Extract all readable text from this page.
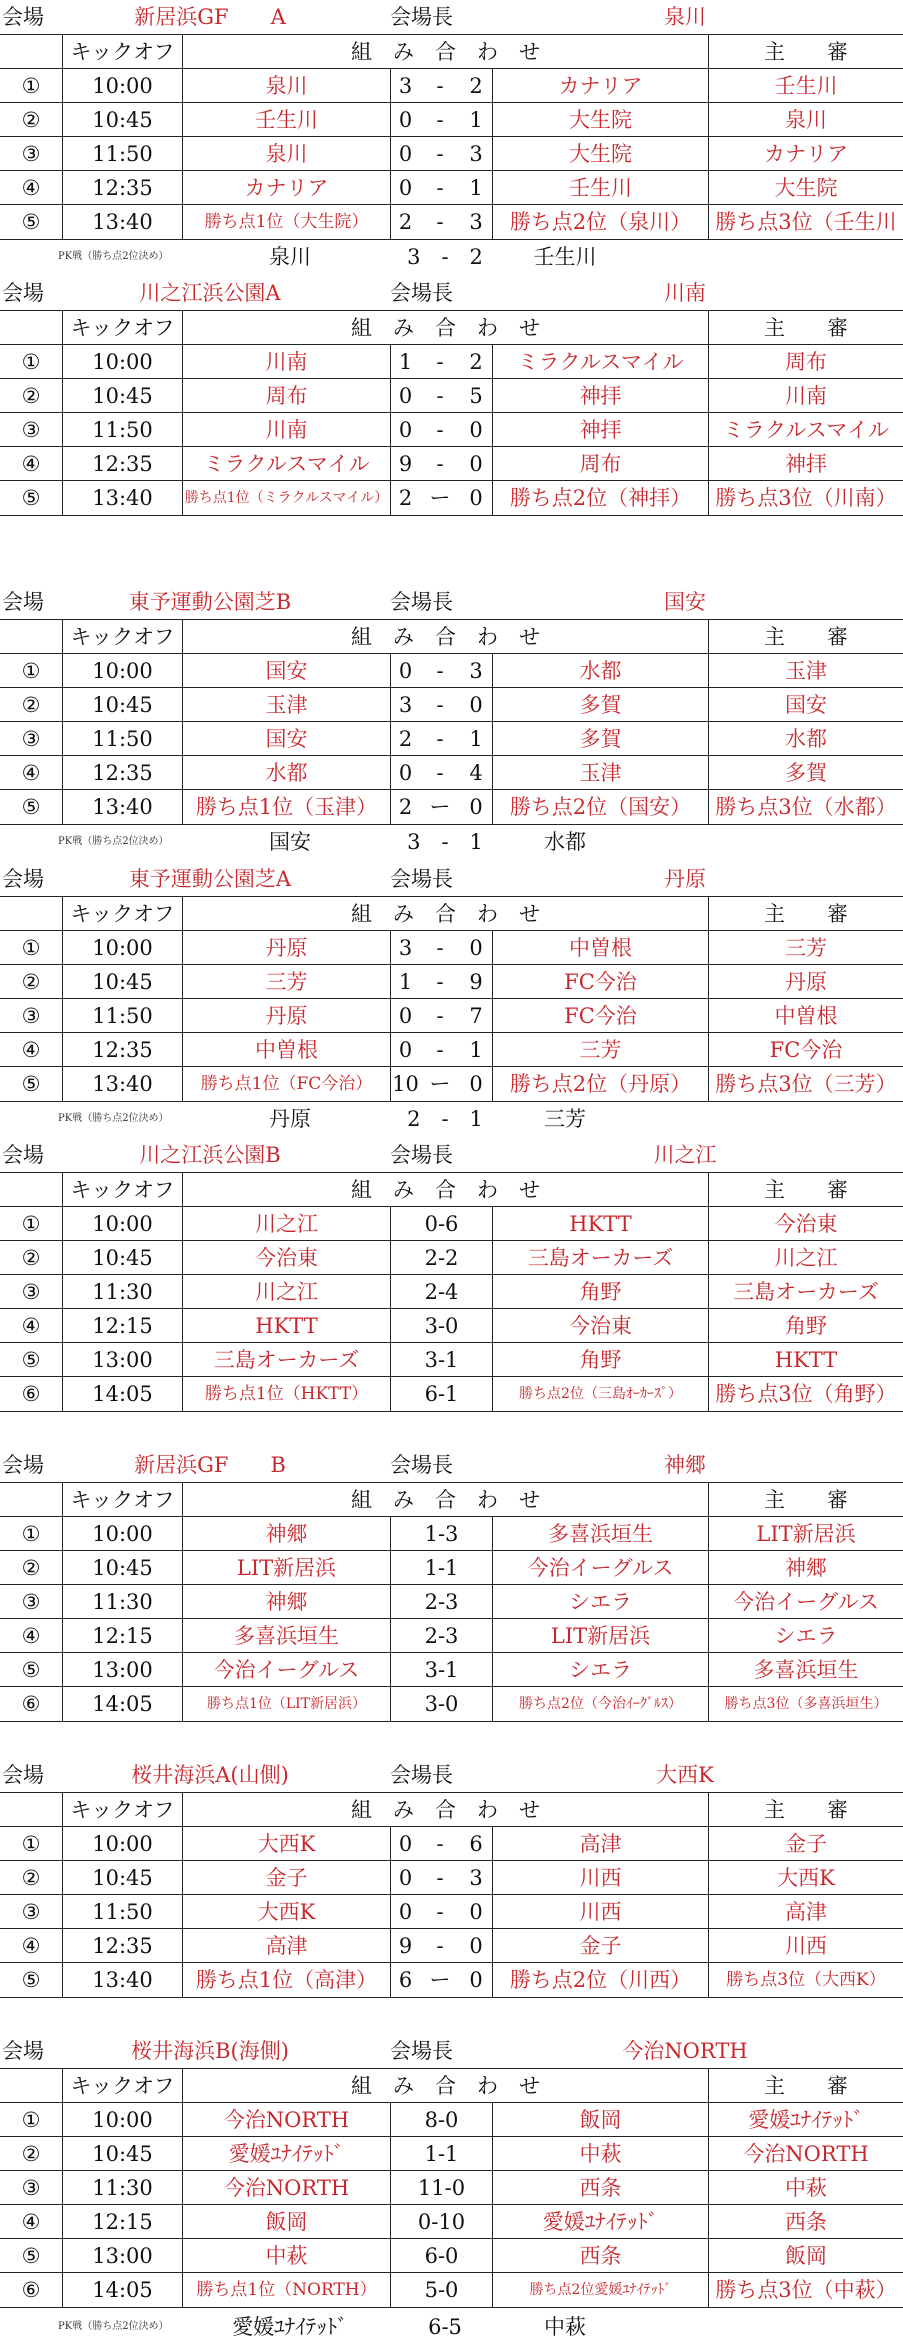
会場	新居浜GF　　A	会場長	泉川
キックオフ	組　み　合　わ　せ	主　　審
①	10:00	泉川	3	-	2	カナリア	壬生川
②	10:45	壬生川	0	-	1	大生院	泉川
③	11:50	泉川	0	-	3	大生院	カナリア
④	12:35	カナリア	0	-	1	壬生川	大生院
⑤	13:40	勝ち点1位（大生院）	2	-	3	勝ち点2位（泉川）	勝ち点3位（壬生川
PK戦（勝ち点2位決め）	泉川	3　-　2	壬生川
会場	川之江浜公園A	会場長	川南
キックオフ	組　み　合　わ　せ	主　　審
①	10:00	川南	1	-	2	ミラクルスマイル	周布
②	10:45	周布	0	-	5	神拝	川南
③	11:50	川南	0	-	0	神拝	ミラクルスマイル
④	12:35	ミラクルスマイル	9	-	0	周布	神拝
⑤	13:40	勝ち点1位（ミラクルスマイル） 2 ー 0	勝ち点2位（神拝）	勝ち点3位（川南）
会場	東予運動公園芝B	会場長	国安
キックオフ	組　み　合　わ　せ	主　　審
①	10:00	国安	0	-	3	水都	玉津
②	10:45	玉津	3	-	0	多賀	国安
③	11:50	国安	2	-	1	多賀	水都
④	12:35	水都	0	-	4	玉津	多賀
⑤	13:40	勝ち点1位（玉津）	2 ー 0	勝ち点2位（国安）	勝ち点3位（水都）
PK戦（勝ち点2位決め）	国安	3　-　1	水都
会場	東予運動公園芝A	会場長	丹原
キックオフ	組　み　合　わ　せ	主　　審
①	10:00	丹原	3	-	0	中曽根	三芳
②	10:45	三芳	1	-	9	FC今治	丹原
③	11:50	丹原	0	-	7	FC今治	中曽根
④	12:35	中曽根	0	-	1	三芳	FC今治
⑤	13:40	勝ち点1位（FC今治） 10 ー 0	勝ち点2位（丹原）	勝ち点3位（三芳）
PK戦（勝ち点2位決め）	丹原	2　-　1	三芳
会場	川之江浜公園B	会場長	川之江
キックオフ	組　み　合　わ　せ	主　　審
①	10:00	川之江	0-6	HKTT	今治東
②	10:45	今治東	2-2	三島オーカーズ	川之江
③	11:30	川之江	2-4	角野	三島オーカーズ
④	12:15	HKTT	3-0	今治東	角野
⑤	13:00	三島オーカーズ	3-1	角野	HKTT
⑥	14:05	勝ち点1位（HKTT）	6-1	勝ち点2位（三島ｵｰｶｰｽﾞ）	勝ち点3位（角野）
会場	新居浜GF　　B	会場長	神郷
キックオフ	組　み　合　わ　せ	主　　審
①	10:00	神郷	1-3	多喜浜垣生	LIT新居浜
②	10:45	LIT新居浜	1-1	今治イーグルス	神郷
③	11:30	神郷	2-3	シエラ	今治イーグルス
④	12:15	多喜浜垣生	2-3	LIT新居浜	シエラ
⑤	13:00	今治イーグルス	3-1	シエラ	多喜浜垣生
⑥	14:05	勝ち点1位（LIT新居浜）	3-0	勝ち点2位（今治ｲｰｸﾞﾙｽ）	勝ち点3位（多喜浜垣生）
会場	桜井海浜A(山側)	会場長	大西K
キックオフ	組　み　合　わ　せ	主　　審
①	10:00	大西K	0	-	6	高津	金子
②	10:45	金子	0	-	3	川西	大西K
③	11:50	大西K	0	-	0	川西	高津
④	12:35	高津	9	-	0	金子	川西
⑤	13:40	勝ち点1位（高津）	6 ー 0	勝ち点2位（川西）	勝ち点3位（大西K）
会場	桜井海浜B(海側)	会場長	今治NORTH
キックオフ	組　み　合　わ　せ	主　　審
①	10:00	今治NORTH	8-0	飯岡	愛媛ﾕﾅｲﾃｯﾄﾞ
②	10:45	愛媛ﾕﾅｲﾃｯﾄﾞ	1-1	中萩	今治NORTH
③	11:30	今治NORTH	11-0	西条	中萩
④	12:15	飯岡	0-10	愛媛ﾕﾅｲﾃｯﾄﾞ	西条
⑤	13:00	中萩	6-0	西条	飯岡
⑥	14:05	勝ち点1位（NORTH）	5-0	勝ち点2位愛媛ﾕﾅｲﾃｯﾄﾞ	勝ち点3位（中萩）
PK戦（勝ち点2位決め）	愛媛ﾕﾅｲﾃｯﾄﾞ	6-5	中萩
